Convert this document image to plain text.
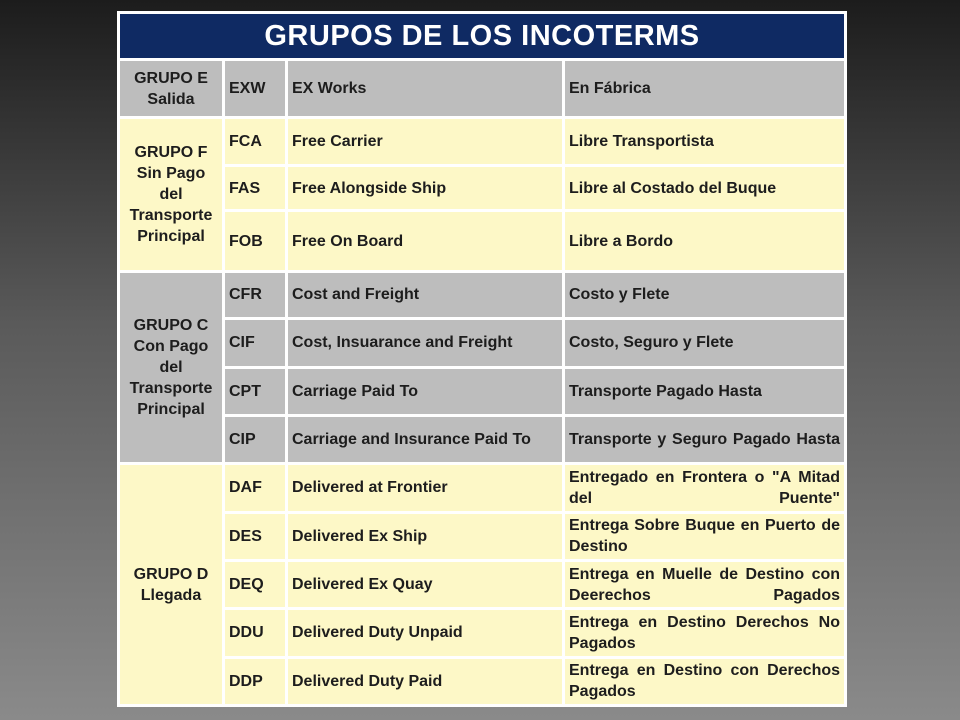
GRUPOS DE LOS INCOTERMS			
GRUPO E
Salida	EXW	EX Works	En Fábrica
GRUPO F
Sin Pago
del
Transporte
Principal	FCA	Free Carrier	Libre Transportista
	FAS	Free Alongside Ship	Libre al Costado del Buque
	FOB	Free On Board	Libre a Bordo
GRUPO C
Con Pago
del
Transporte
Principal	CFR	Cost and Freight	Costo y Flete
	CIF	Cost, Insuarance and Freight	Costo, Seguro y Flete
	CPT	Carriage Paid To	Transporte Pagado Hasta
	CIP	Carriage and Insurance Paid To	Transporte y Seguro Pagado Hasta
GRUPO D
Llegada	DAF	Delivered at Frontier	Entregado en Frontera o "A Mitad del Puente"
	DES	Delivered Ex Ship	Entrega Sobre Buque en Puerto de Destino
	DEQ	Delivered Ex Quay	Entrega en Muelle de Destino con Deerechos Pagados
	DDU	Delivered Duty Unpaid	Entrega en Destino Derechos No Pagados
	DDP	Delivered Duty Paid	Entrega en Destino con Derechos Pagados
